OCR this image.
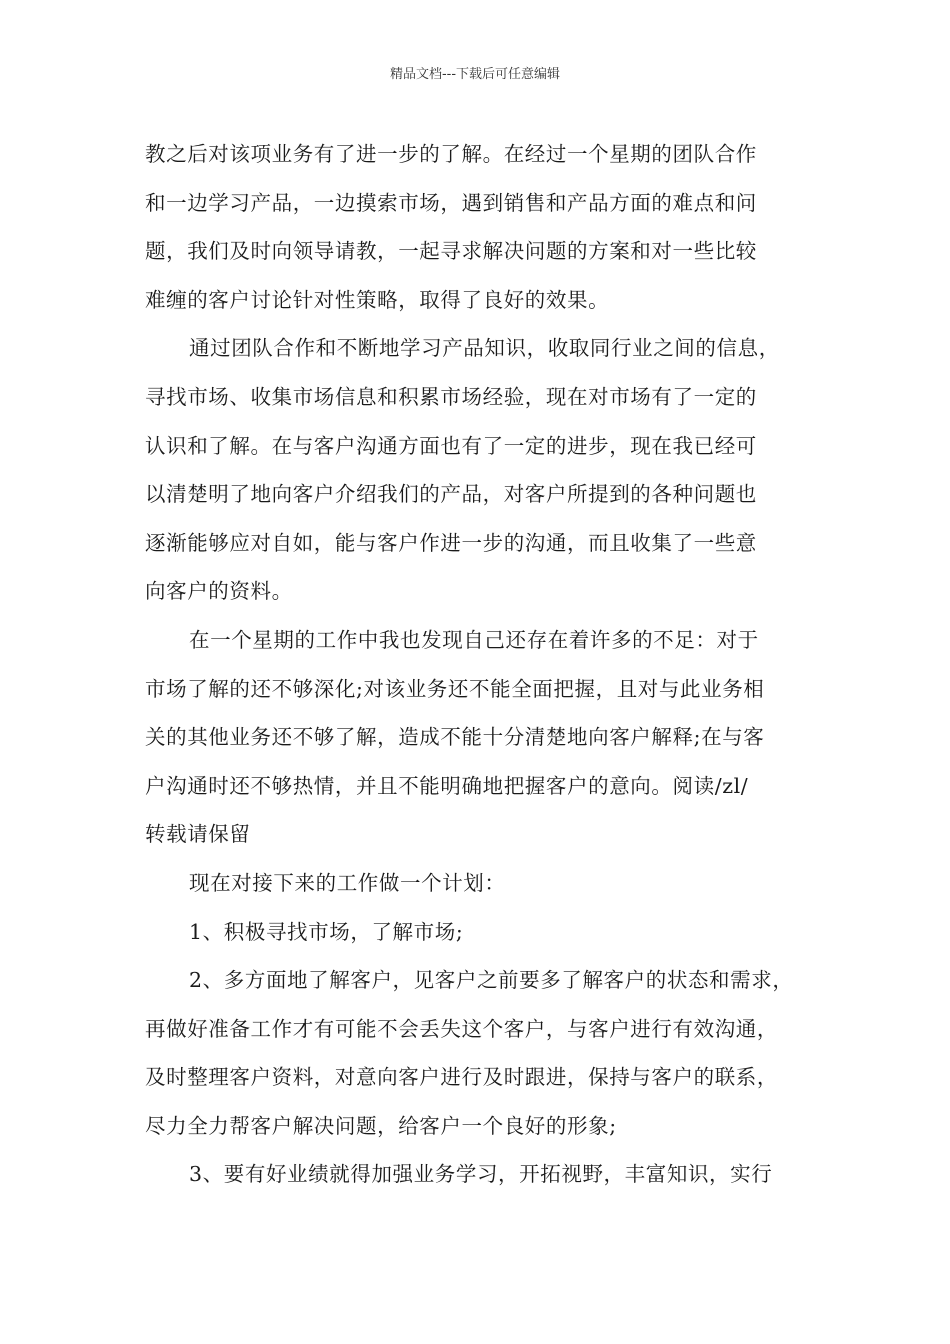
精品文档---下载后可任意编辑
教之后对该项业务有了进一步的了解。在经过一个星期的团队合作
和一边学习产品，一边摸索市场，遇到销售和产品方面的难点和问
题，我们及时向领导请教，一起寻求解决问题的方案和对一些比较
难缠的客户讨论针对性策略，取得了良好的效果。
通过团队合作和不断地学习产品知识，收取同行业之间的信息，
寻找市场、收集市场信息和积累市场经验，现在对市场有了一定的
认识和了解。在与客户沟通方面也有了一定的进步，现在我已经可
以清楚明了地向客户介绍我们的产品，对客户所提到的各种问题也
逐渐能够应对自如，能与客户作进一步的沟通，而且收集了一些意
向客户的资料。
在一个星期的工作中我也发现自己还存在着许多的不足：对于
市场了解的还不够深化;对该业务还不能全面把握，且对与此业务相
关的其他业务还不够了解，造成不能十分清楚地向客户解释;在与客
户沟通时还不够热情，并且不能明确地把握客户的意向。阅读/zl/
转载请保留
现在对接下来的工作做一个计划：
1、积极寻找市场，了解市场;
2、多方面地了解客户，见客户之前要多了解客户的状态和需求，
再做好准备工作才有可能不会丢失这个客户，与客户进行有效沟通，
及时整理客户资料，对意向客户进行及时跟进，保持与客户的联系，
尽力全力帮客户解决问题，给客户一个良好的形象;
3、要有好业绩就得加强业务学习，开拓视野，丰富知识，实行
